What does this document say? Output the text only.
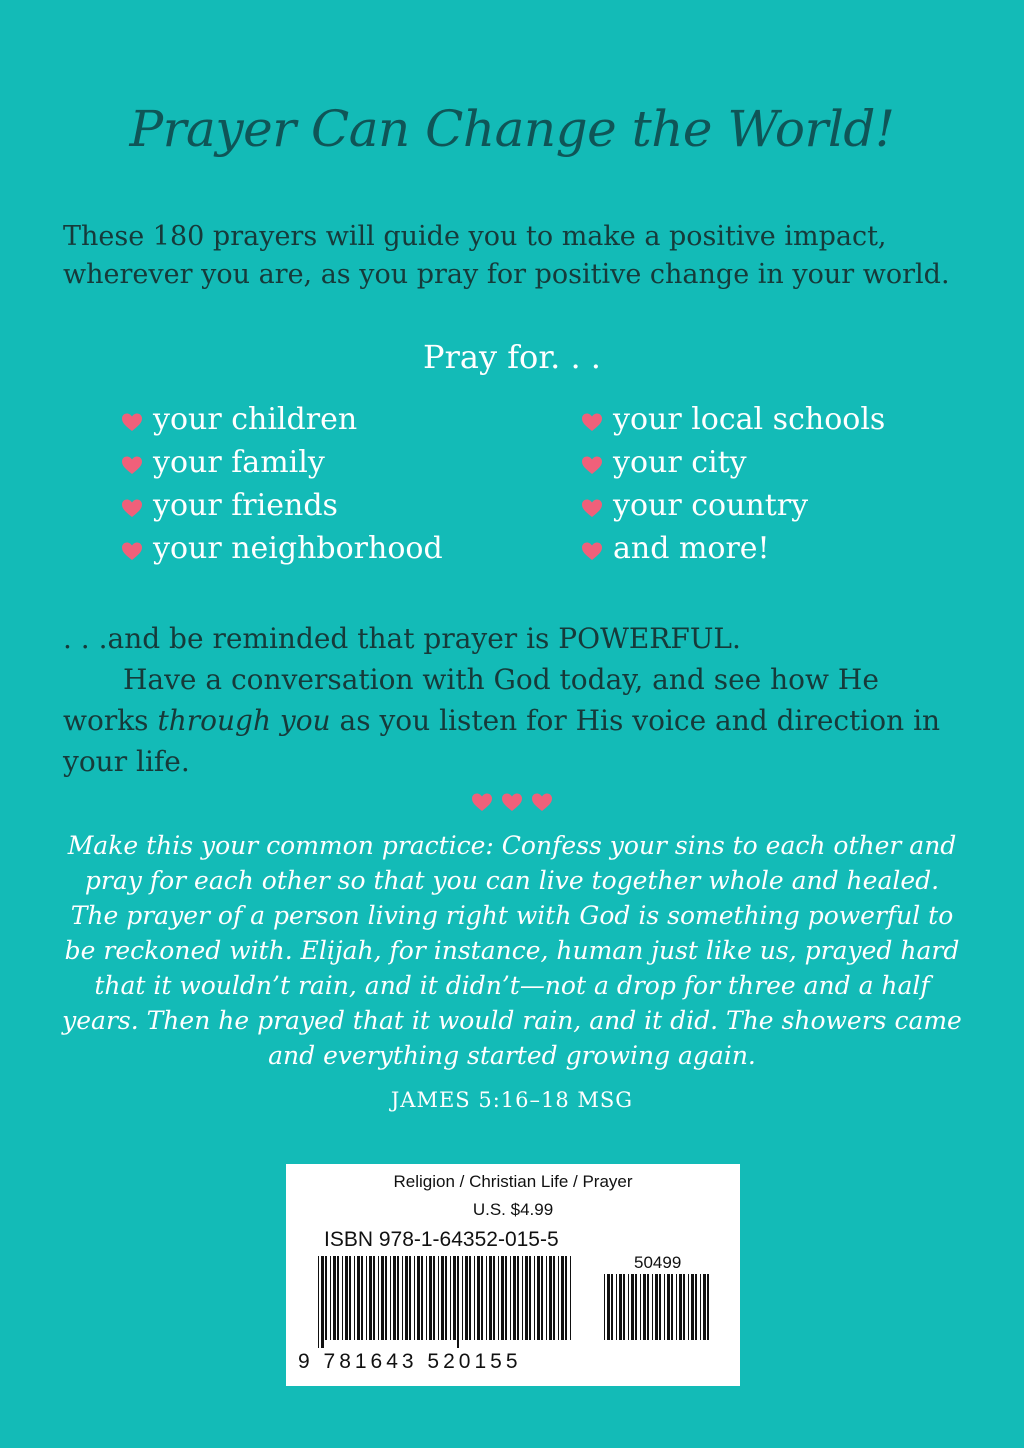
Prayer Can Change the World!
These 180 prayers will guide you to make a positive impact, wherever you are, as you pray for positive change in your world.
Pray for. . .
your children
your family
your friends
your neighborhood
your local schools
your city
your country
and more!

. . .and be reminded that prayer is POWERFUL.

Have a conversation with God today, and see how He works through you as you listen for His voice and direction in your life.

Make this your common practice: Confess your sins to each other and pray for each other so that you can live together whole and healed. The prayer of a person living right with God is something powerful to be reckoned with. Elijah, for instance, human just like us, prayed hard that it wouldn’t rain, and it didn’t—not a drop for three and a half years. Then he prayed that it would rain, and it did. The showers came and everything started growing again.
JAMES 5:16–18 MSG
Religion / Christian Life / Prayer
U.S. $4.99
ISBN 978-1-64352-015-5
50499
9 781643 520155
